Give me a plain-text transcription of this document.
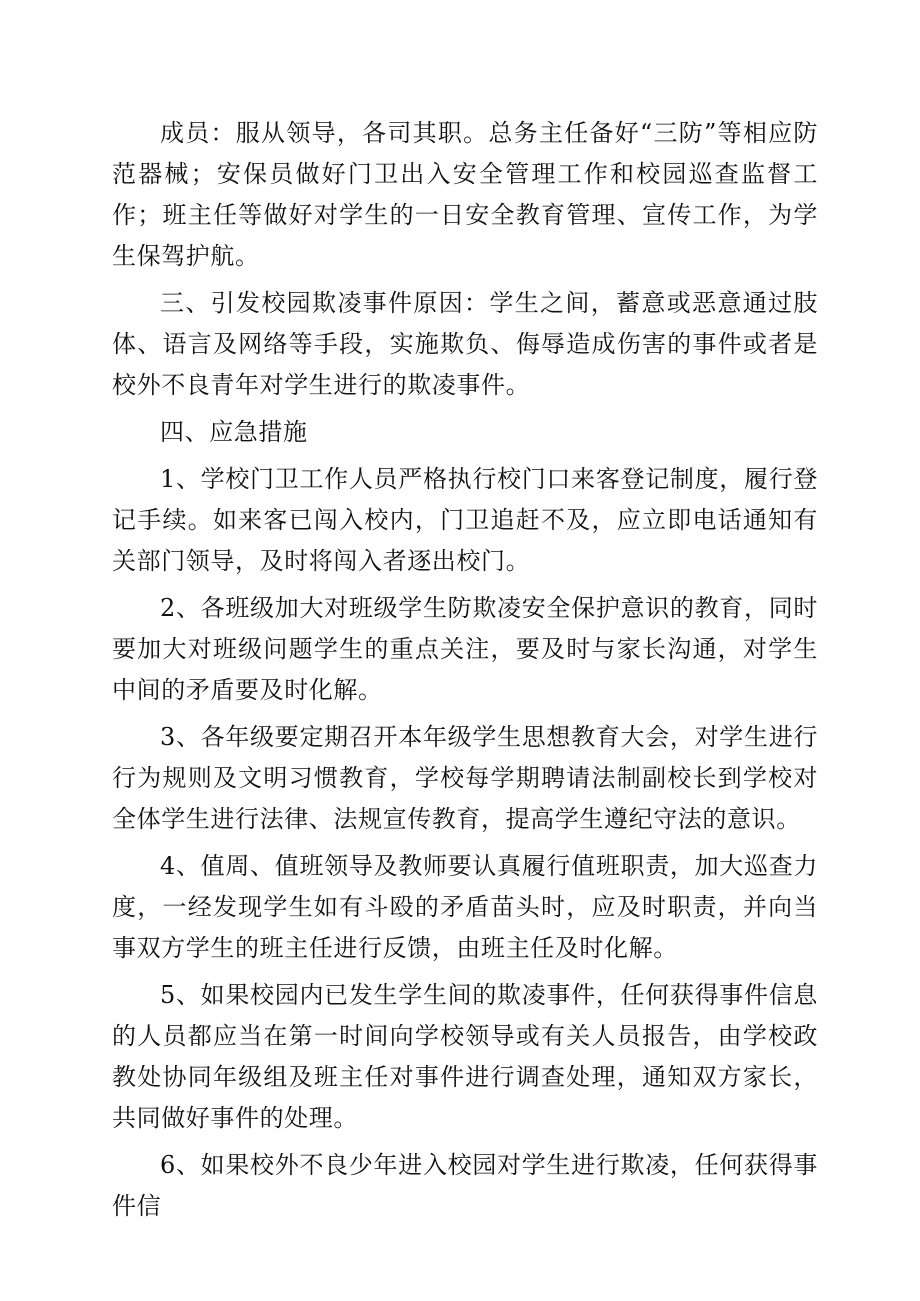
成员：服从领导，各司其职。总务主任备好“三防”等相应防范器械；安保员做好门卫出入安全管理工作和校园巡查监督工作；班主任等做好对学生的一日安全教育管理、宣传工作，为学生保驾护航。

三、引发校园欺凌事件原因：学生之间，蓄意或恶意通过肢体、语言及网络等手段，实施欺负、侮辱造成伤害的事件或者是校外不良青年对学生进行的欺凌事件。

四、应急措施

1、学校门卫工作人员严格执行校门口来客登记制度，履行登记手续。如来客已闯入校内，门卫追赶不及，应立即电话通知有关部门领导，及时将闯入者逐出校门。

2、各班级加大对班级学生防欺凌安全保护意识的教育，同时要加大对班级问题学生的重点关注，要及时与家长沟通，对学生中间的矛盾要及时化解。

3、各年级要定期召开本年级学生思想教育大会，对学生进行行为规则及文明习惯教育，学校每学期聘请法制副校长到学校对全体学生进行法律、法规宣传教育，提高学生遵纪守法的意识。

4、值周、值班领导及教师要认真履行值班职责，加大巡查力度，一经发现学生如有斗殴的矛盾苗头时，应及时职责，并向当事双方学生的班主任进行反馈，由班主任及时化解。

5、如果校园内已发生学生间的欺凌事件，任何获得事件信息的人员都应当在第一时间向学校领导或有关人员报告，由学校政教处协同年级组及班主任对事件进行调查处理，通知双方家长，共同做好事件的处理。

6、如果校外不良少年进入校园对学生进行欺凌，任何获得事件信
